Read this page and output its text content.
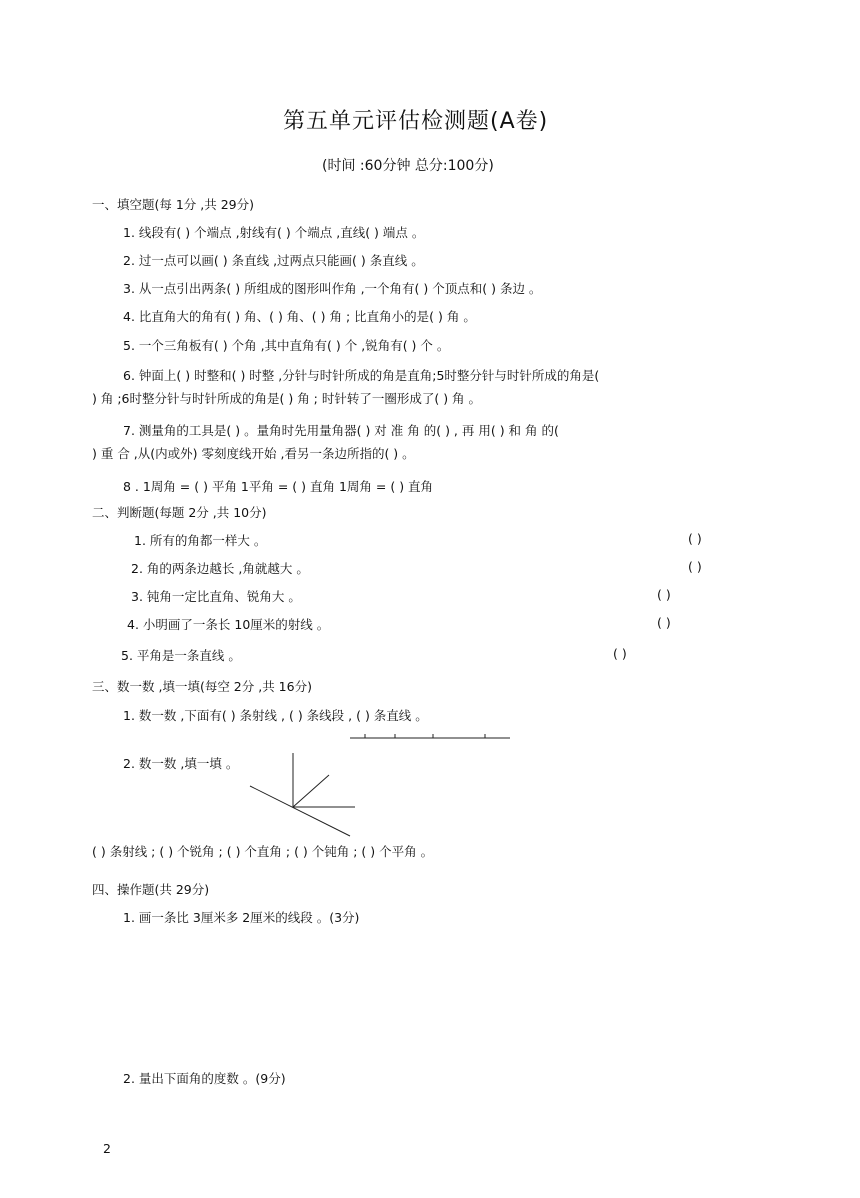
第五单元评估检测题(A卷)
(时间 :60分钟 总分:100分)
一、填空题(每 1分 ,共 29分)
1. 线段有( ) 个端点 ,射线有( ) 个端点 ,直线( ) 端点 。
2. 过一点可以画( ) 条直线 ,过两点只能画( ) 条直线 。
3. 从一点引出两条( ) 所组成的图形叫作角 ,一个角有( ) 个顶点和( ) 条边 。
4. 比直角大的角有( ) 角、( ) 角、( ) 角 ; 比直角小的是( ) 角 。
5. 一个三角板有( ) 个角 ,其中直角有( ) 个 ,锐角有( ) 个 。
6. 钟面上( ) 时整和( ) 时整 ,分针与时针所成的角是直角;5时整分针与时针所成的角是(
) 角 ;6时整分针与时针所成的角是( ) 角 ; 时针转了一圈形成了( ) 角 。
7. 测量角的工具是( ) 。量角时先用量角器( ) 对 准 角 的( ) , 再 用( ) 和 角 的(
) 重 合 ,从(内或外) 零刻度线开始 ,看另一条边所指的( ) 。
8 . 1周角 = ( ) 平角 1平角 = ( ) 直角 1周角 = ( ) 直角
二、判断题(每题 2分 ,共 10分)
1. 所有的角都一样大 。	( )
2. 角的两条边越长 ,角就越大 。	( )
3. 钝角一定比直角、锐角大 。	( )
4. 小明画了一条长 10厘米的射线 。	( )
5. 平角是一条直线 。	( )
三、数一数 ,填一填(每空 2分 ,共 16分)
1. 数一数 ,下面有( ) 条射线 , ( ) 条线段 , ( ) 条直线 。
2. 数一数 ,填一填 。
( ) 条射线 ; ( ) 个锐角 ; ( ) 个直角 ; ( ) 个钝角 ; ( ) 个平角 。
四、操作题(共 29分)
1. 画一条比 3厘米多 2厘米的线段 。(3分)
2. 量出下面角的度数 。(9分)
2
